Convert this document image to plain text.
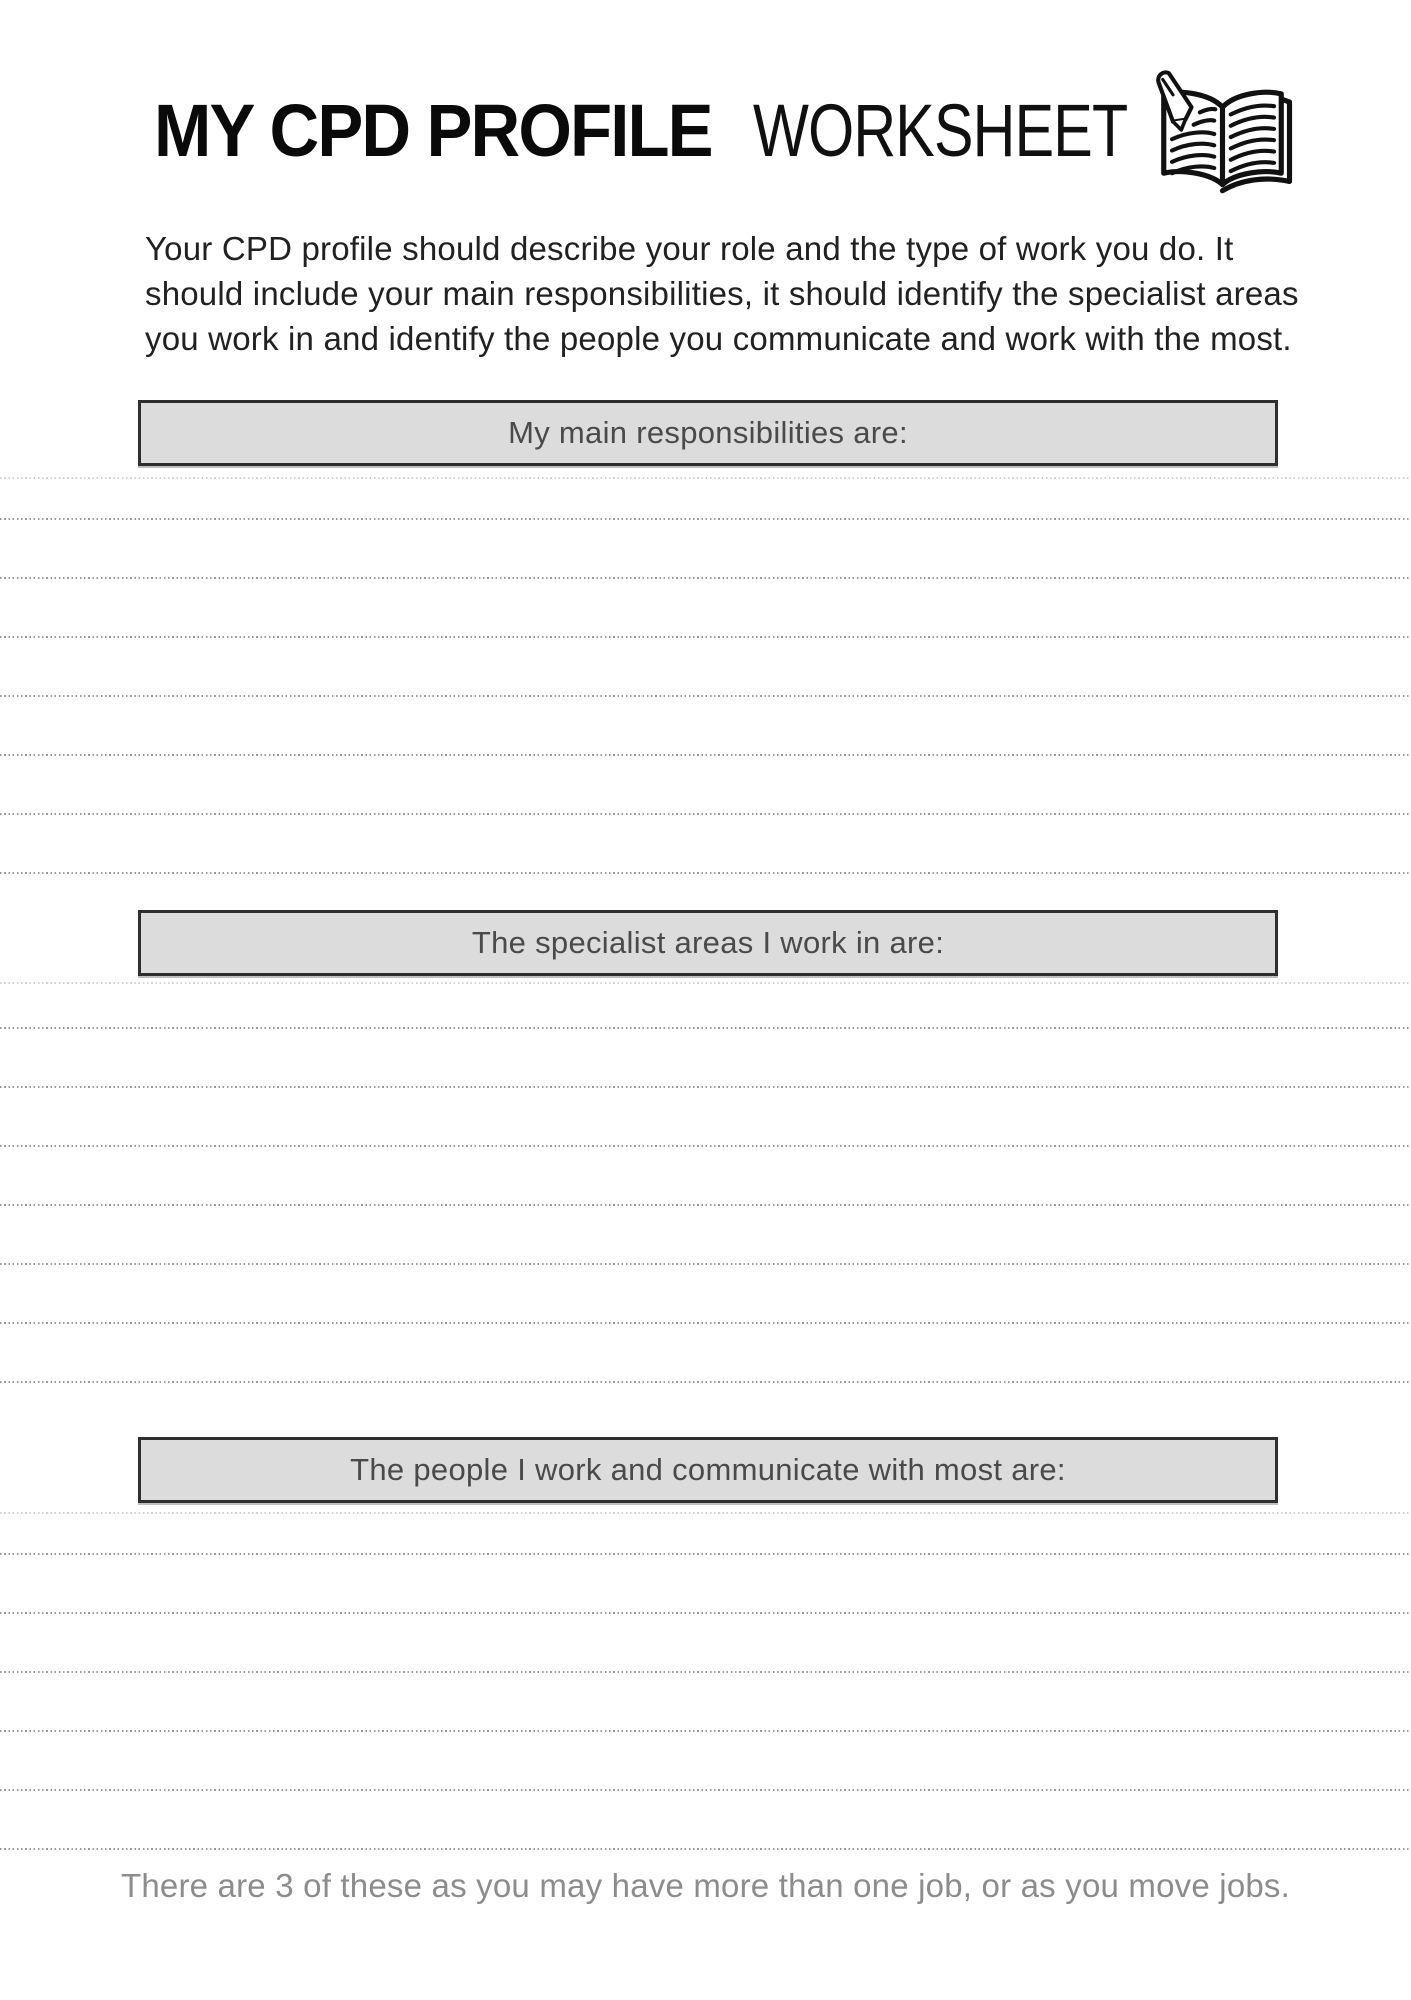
MY CPD PROFILE WORKSHEET
Your CPD profile should describe your role and the type of work you do. It
should include your main responsibilities, it should identify the specialist areas
you work in and identify the people you communicate and work with the most.
My main responsibilities are:
The specialist areas I work in are:
The people I work and communicate with most are:
There are 3 of these as you may have more than one job, or as you move jobs.
